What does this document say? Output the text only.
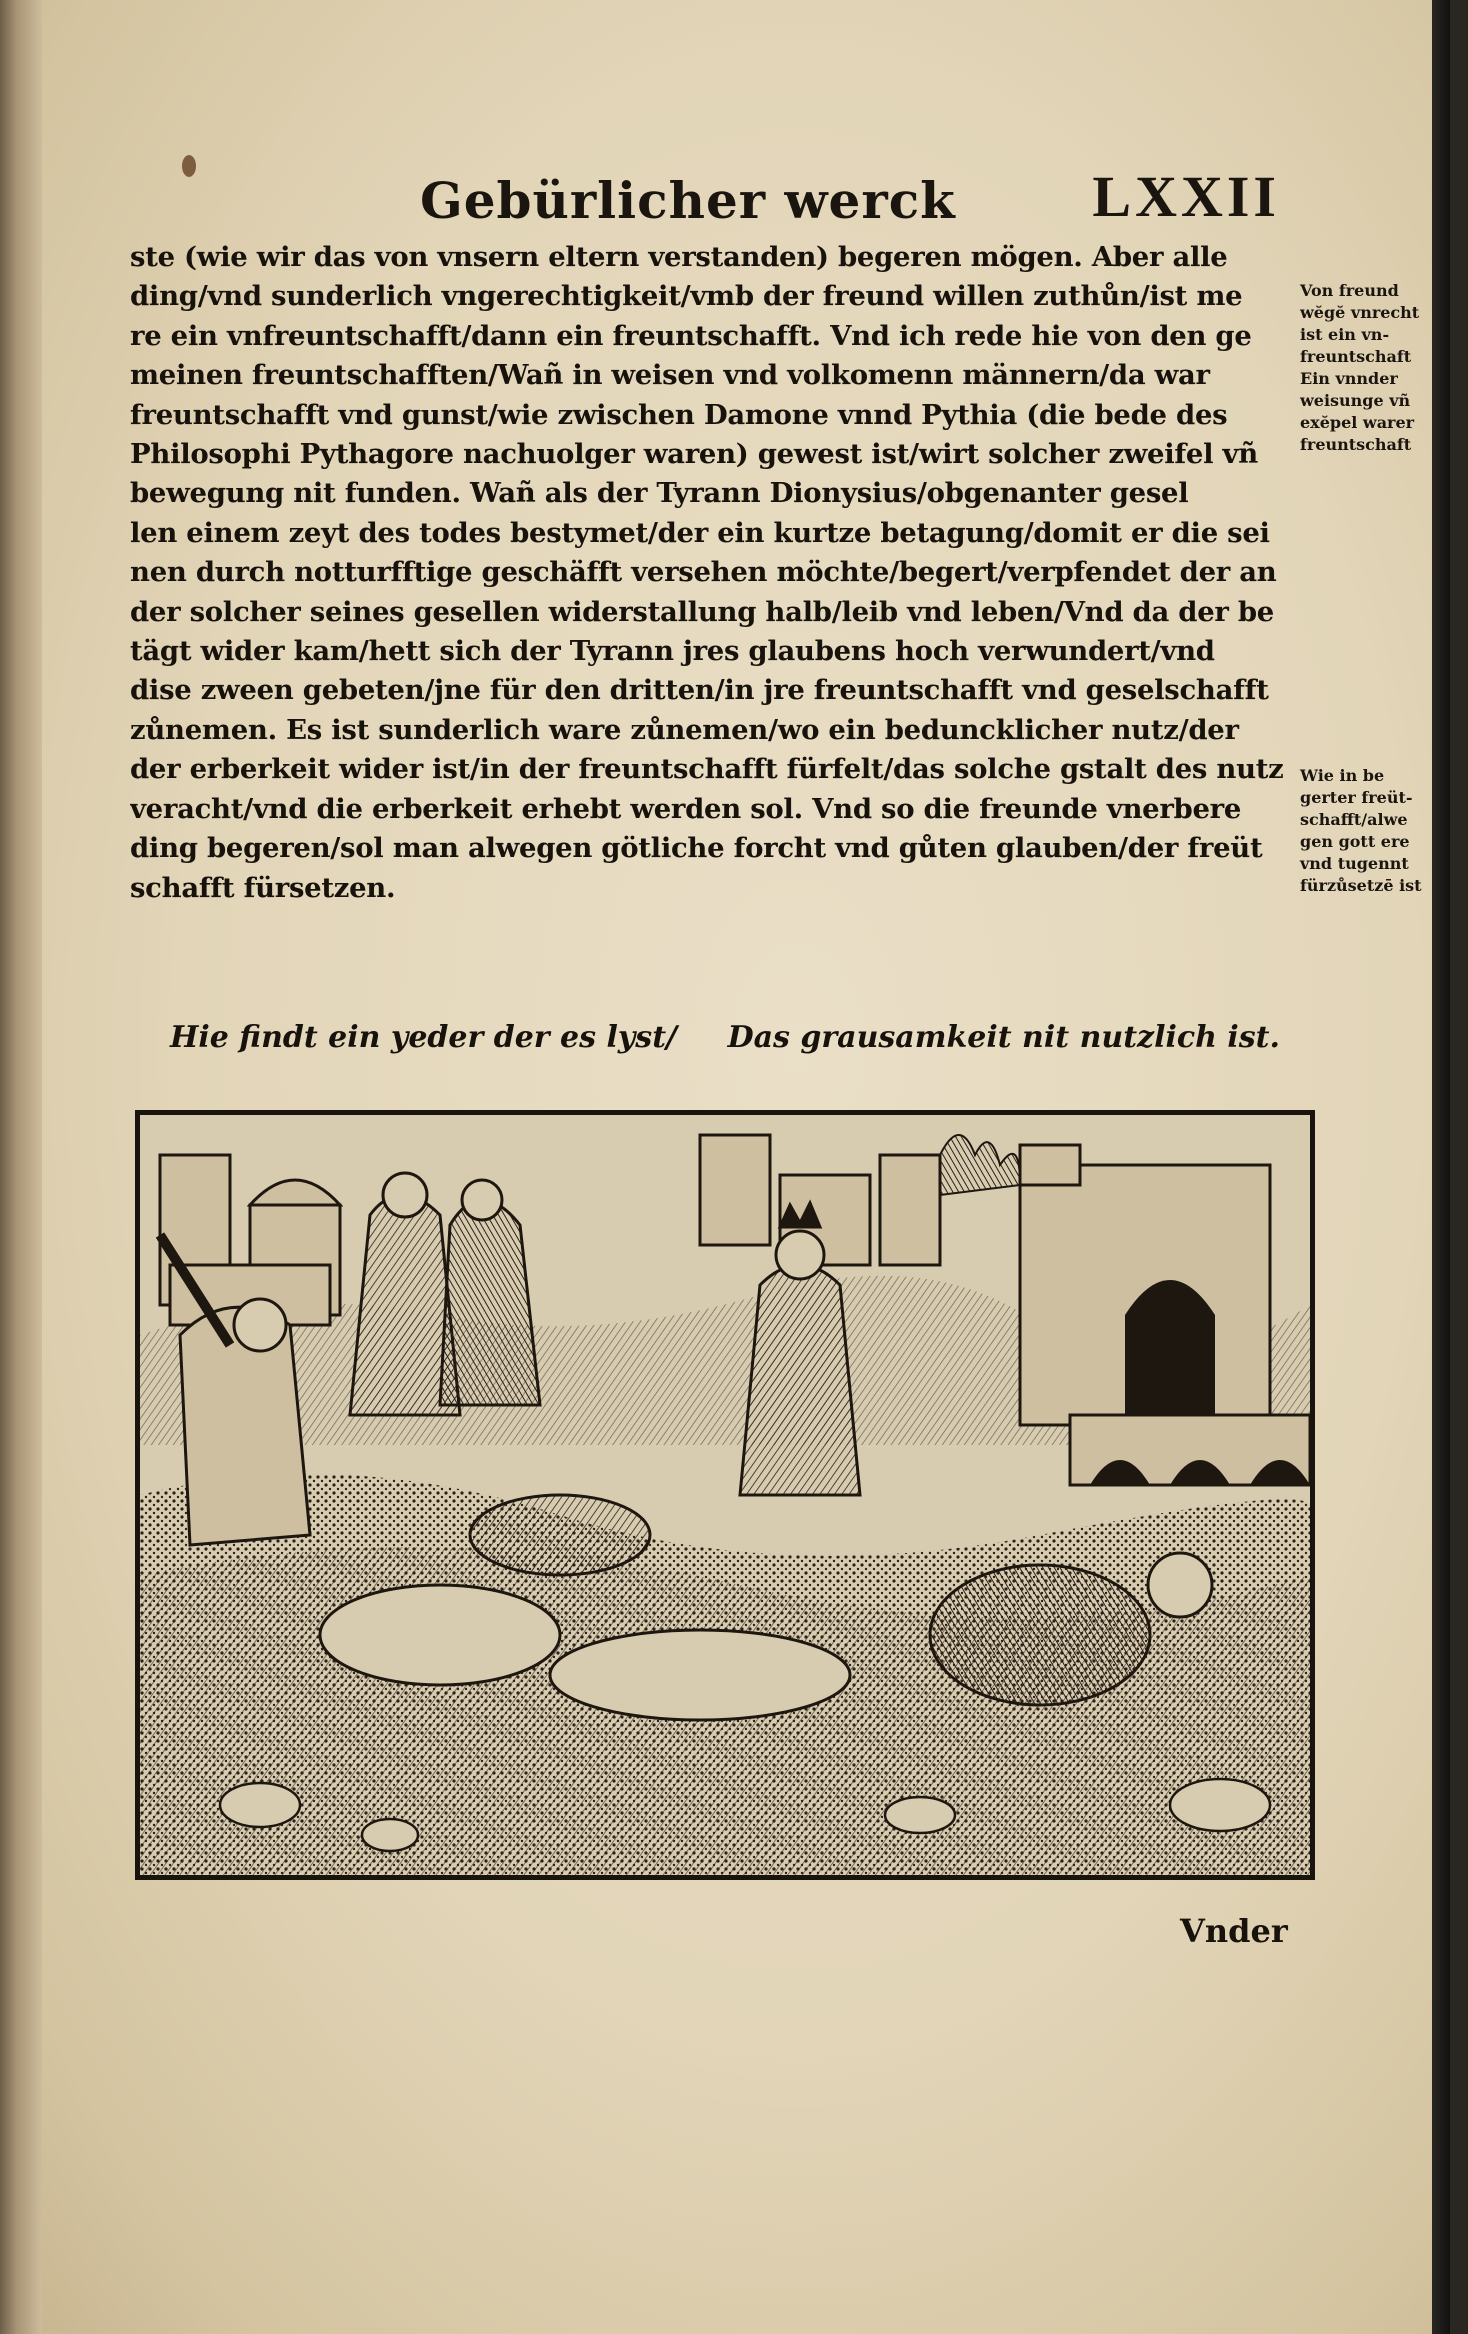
Gebürlicher werck LXXII
ste (wie wir das von vnsern eltern verstanden) begeren mögen. Aber alle
ding/vnd sunderlich vngerechtigkeit/vmb der freund willen zuthůn/ist me
re ein vnfreuntschafft/dann ein freuntschafft. Vnd ich rede hie von den ge
meinen freuntschafften/Wañ in weisen vnd volkomenn männern/da war
freuntschafft vnd gunst/wie zwischen Damone vnnd Pythia (die bede des
Philosophi Pythagore nachuolger waren) gewest ist/wirt solcher zweifel vñ
bewegung nit funden. Wañ als der Tyrann Dionysius/obgenanter gesel
len einem zeyt des todes bestymet/der ein kurtze betagung/domit er die sei
nen durch notturfftige geschäfft versehen möchte/begert/verpfendet der an
der solcher seines gesellen widerstallung halb/leib vnd leben/Vnd da der be
tägt wider kam/hett sich der Tyrann jres glaubens hoch verwundert/vnd
dise zween gebeten/jne für den dritten/in jre freuntschafft vnd geselschafft
zůnemen. Es ist sunderlich ware zůnemen/wo ein beduncklicher nutz/der
der erberkeit wider ist/in der freuntschafft fürfelt/das solche gstalt des nutz
veracht/vnd die erberkeit erhebt werden sol. Vnd so die freunde vnerbere
ding begeren/sol man alwegen götliche forcht vnd gůten glauben/der freüt
schafft fürsetzen.
Von freund
wĕgĕ vnrecht
ist ein vn-
freuntschaft
Ein vnnder
weisunge vñ
exĕpel warer
freuntschaft
Wie in be
gerter freüt-
schafft/alwe
gen gott ere
vnd tugennt
fürzůsetzē ist
Hie findt ein yeder der es lyst/ Das grausamkeit nit nutzlich ist.
Vnder
